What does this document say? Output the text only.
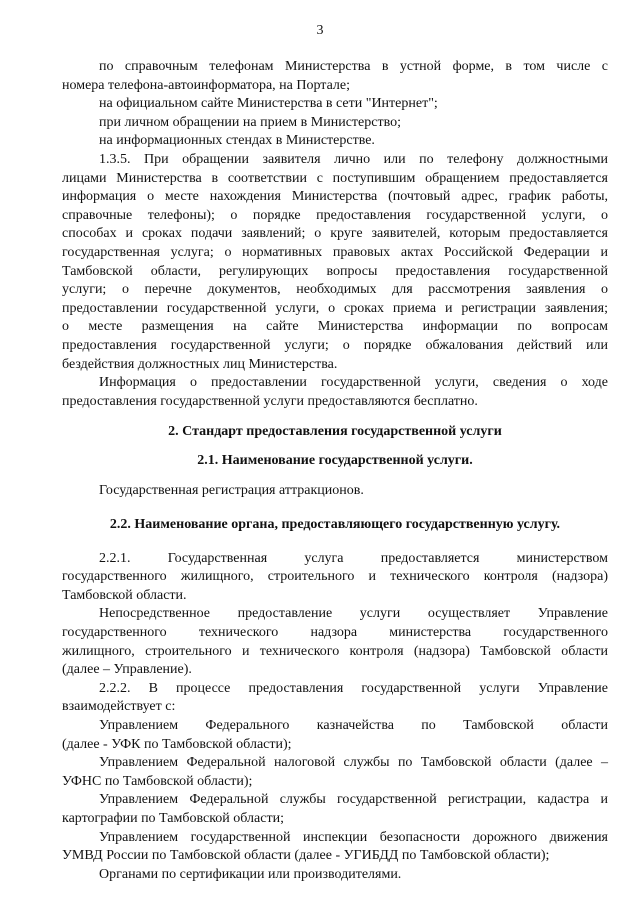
3

по справочным телефонам Министерства в устной форме, в том числе с
номера телефона-автоинформатора, на Портале;

на официальном сайте Министерства в сети "Интернет";

при личном обращении на прием в Министерство;

на информационных стендах в Министерстве.

1.3.5. При обращении заявителя лично или по телефону должностными
лицами Министерства в соответствии с поступившим обращением предоставляется
информация о месте нахождения Министерства (почтовый адрес, график работы,
справочные телефоны); о порядке предоставления государственной услуги, о
способах и сроках подачи заявлений; о круге заявителей, которым предоставляется
государственная услуга; о нормативных правовых актах Российской Федерации и
Тамбовской области, регулирующих вопросы предоставления государственной
услуги; о перечне документов, необходимых для рассмотрения заявления о
предоставлении государственной услуги, о сроках приема и регистрации заявления;
о месте размещения на сайте Министерства информации по вопросам
предоставления государственной услуги; о порядке обжалования действий или
бездействия должностных лиц Министерства.

Информация о предоставлении государственной услуги, сведения о ходе
предоставления государственной услуги предоставляются бесплатно.

2. Стандарт предоставления государственной услуги

2.1. Наименование государственной услуги.

Государственная регистрация аттракционов.

2.2. Наименование органа, предоставляющего государственную услугу.

2.2.1. Государственная услуга предоставляется министерством
государственного жилищного, строительного и технического контроля (надзора)
Тамбовской области.

Непосредственное предоставление услуги осуществляет Управление
государственного технического надзора министерства государственного
жилищного, строительного и технического контроля (надзора) Тамбовской области
(далее – Управление).

2.2.2. В процессе предоставления государственной услуги Управление
взаимодействует с:

Управлением Федерального казначейства по Тамбовской области
(далее - УФК по Тамбовской области);

Управлением Федеральной налоговой службы по Тамбовской области (далее –
УФНС по Тамбовской области);

Управлением Федеральной службы государственной регистрации, кадастра и
картографии по Тамбовской области;

Управлением государственной инспекции безопасности дорожного движения
УМВД России по Тамбовской области (далее - УГИБДД по Тамбовской области);

Органами по сертификации или производителями.
